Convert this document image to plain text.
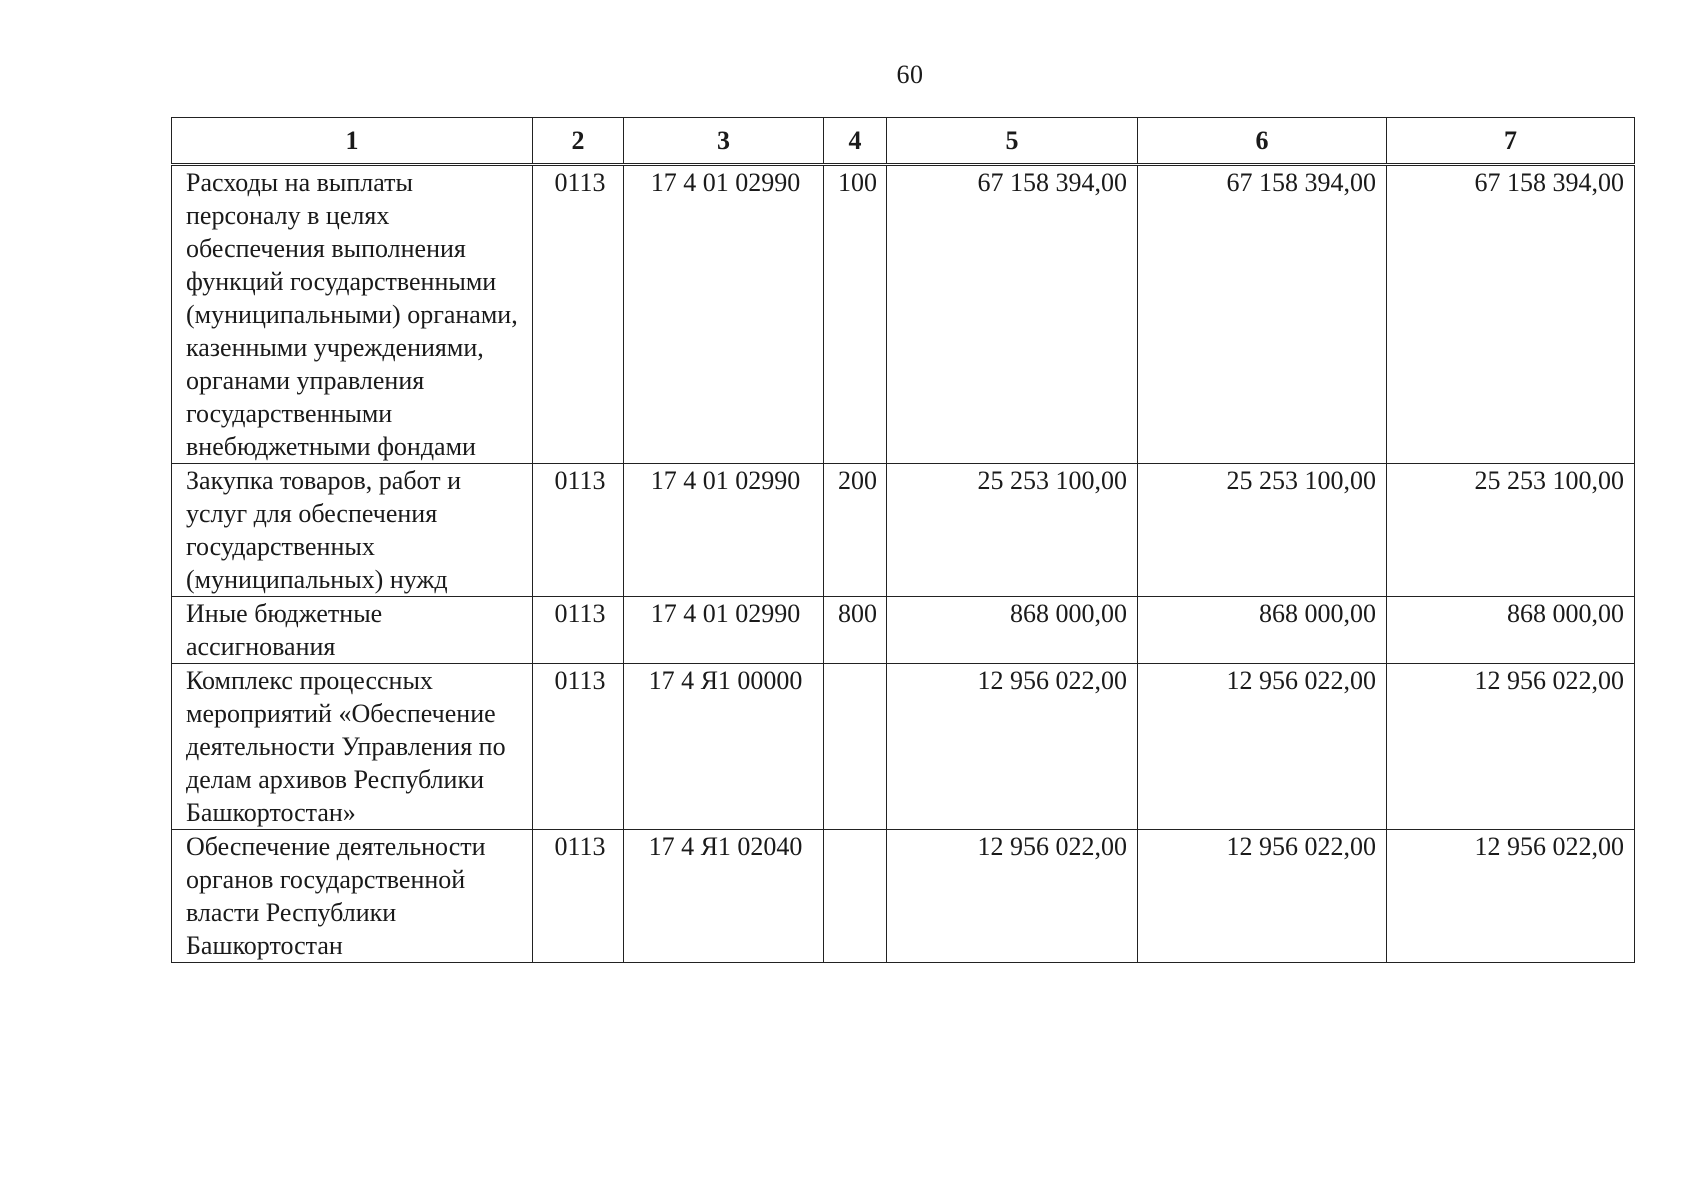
60
1	2	3	4	5	6	7
Расходы на выплаты персоналу в целях обеспечения выполнения функций государственными (муниципальными) органами, казенными учреждениями, органами управления государственными внебюджетными фондами	0113	17 4 01 02990	100	67 158 394,00	67 158 394,00	67 158 394,00
Закупка товаров, работ и услуг для обеспечения государственных (муниципальных) нужд	0113	17 4 01 02990	200	25 253 100,00	25 253 100,00	25 253 100,00
Иные бюджетные ассигнования	0113	17 4 01 02990	800	868 000,00	868 000,00	868 000,00
Комплекс процессных мероприятий «Обеспечение деятельности Управления по делам архивов Республики Башкортостан»	0113	17 4 Я1 00000		12 956 022,00	12 956 022,00	12 956 022,00
Обеспечение деятельности органов государственной власти Республики Башкортостан	0113	17 4 Я1 02040		12 956 022,00	12 956 022,00	12 956 022,00
